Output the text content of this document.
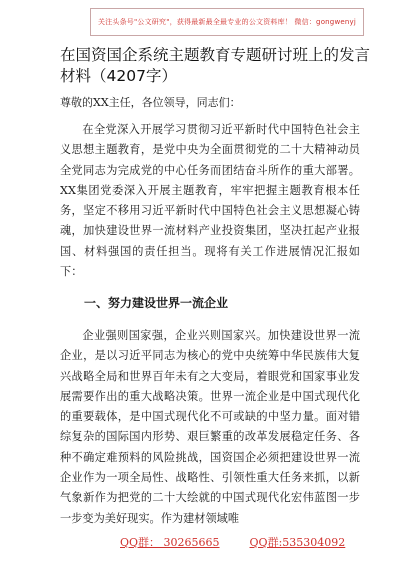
关注头条号"公文研究"，获得最新最全最专业的公文资料库！ 微信：gongwenyj
在国资国企系统主题教育专题研讨班上的发言材料（4207字）

尊敬的XX主任，各位领导，同志们：

在全党深入开展学习贯彻习近平新时代中国特色社会主义思想主题教育，是党中央为全面贯彻党的二十大精神动员全党同志为完成党的中心任务而团结奋斗所作的重大部署。XX集团党委深入开展主题教育，牢牢把握主题教育根本任务，坚定不移用习近平新时代中国特色社会主义思想凝心铸魂，加快建设世界一流材料产业投资集团，坚决扛起产业报国、材料强国的责任担当。现将有关工作进展情况汇报如下：

一、努力建设世界一流企业

企业强则国家强，企业兴则国家兴。加快建设世界一流企业，是以习近平同志为核心的党中央统筹中华民族伟大复兴战略全局和世界百年未有之大变局，着眼党和国家事业发展需要作出的重大战略决策。世界一流企业是中国式现代化的重要载体，是中国式现代化不可或缺的中坚力量。面对错综复杂的国际国内形势、艰巨繁重的改革发展稳定任务、各种不确定难预料的风险挑战，国资国企必须把建设世界一流企业作为一项全局性、战略性、引领性重大任务来抓，以新气象新作为把党的二十大绘就的中国式现代化宏伟蓝图一步一步变为美好现实。作为建材领域唯

QQ群： 30265665	QQ群:535304092
